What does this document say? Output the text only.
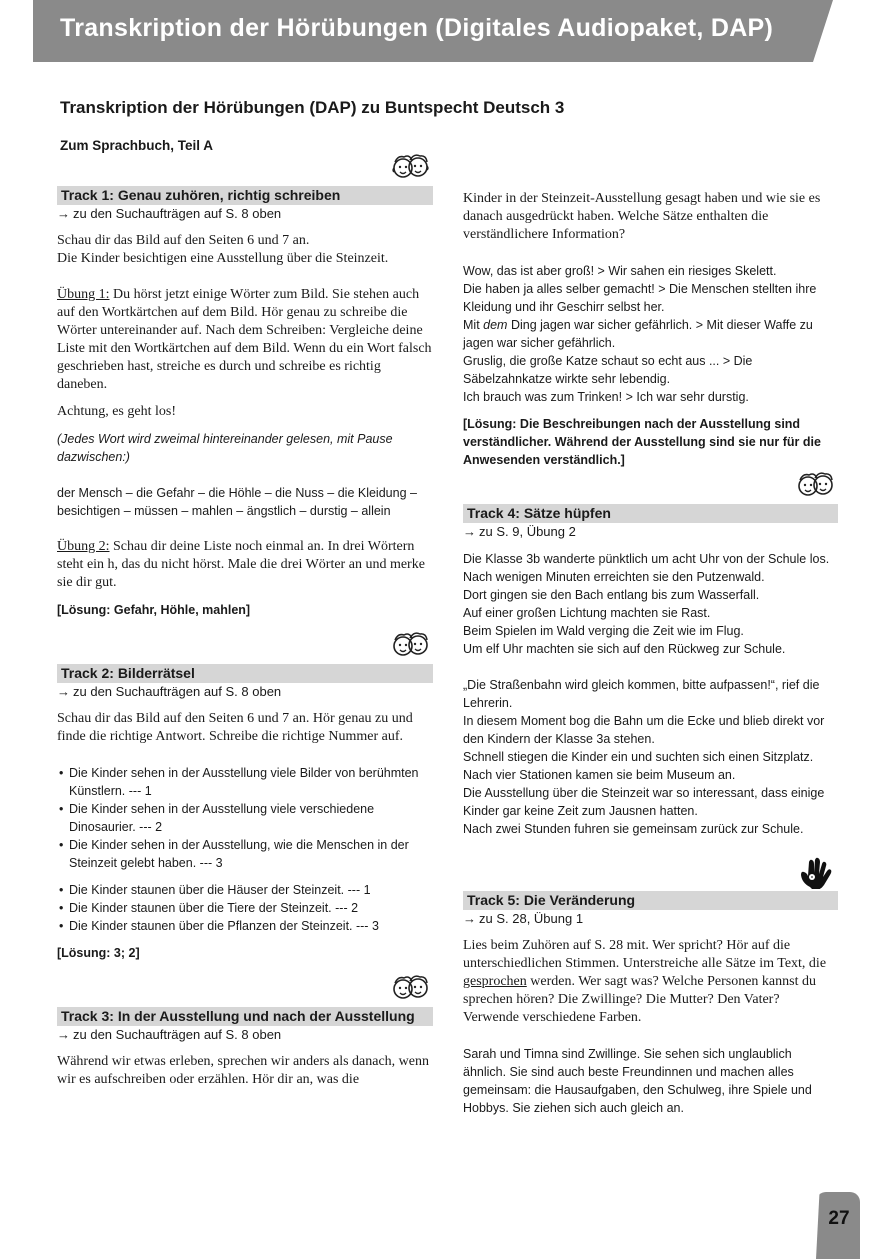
Transkription der Hörübungen (Digitales Audiopaket, DAP)
Transkription der Hörübungen (DAP) zu Buntspecht Deutsch 3
Zum Sprachbuch, Teil A
Track 1: Genau zuhören, richtig schreiben

→ zu den Suchaufträgen auf S. 8 oben

Schau dir das Bild auf den Seiten 6 und 7 an.
Die Kinder besichtigen eine Ausstellung über die Steinzeit.

Übung 1: Du hörst jetzt einige Wörter zum Bild. Sie stehen auch auf den Wortkärtchen auf dem Bild. Hör genau zu schreibe die Wörter untereinander auf. Nach dem Schreiben: Vergleiche deine Liste mit den Wortkärtchen auf dem Bild. Wenn du ein Wort falsch geschrieben hast, streiche es durch und schreibe es richtig daneben.

Achtung, es geht los!

(Jedes Wort wird zweimal hintereinander gelesen, mit Pause dazwischen:)

der Mensch – die Gefahr – die Höhle – die Nuss – die Kleidung – besichtigen – müssen – mahlen – ängstlich – durstig – allein

Übung 2: Schau dir deine Liste noch einmal an. In drei Wörtern steht ein h, das du nicht hörst. Male die drei Wörter an und merke sie dir gut.

[Lösung: Gefahr, Höhle, mahlen]

Track 2: Bilderrätsel

→ zu den Suchaufträgen auf S. 8 oben

Schau dir das Bild auf den Seiten 6 und 7 an. Hör genau zu und finde die richtige Antwort. Schreibe die richtige Nummer auf.

• Die Kinder sehen in der Ausstellung viele Bilder von berühmten Künstlern. --- 1
• Die Kinder sehen in der Ausstellung viele verschiedene Dinosaurier. --- 2
• Die Kinder sehen in der Ausstellung, wie die Menschen in der Steinzeit gelebt haben. --- 3
• Die Kinder staunen über die Häuser der Steinzeit. --- 1
• Die Kinder staunen über die Tiere der Steinzeit. --- 2
• Die Kinder staunen über die Pflanzen der Steinzeit. --- 3

[Lösung: 3; 2]

Track 3: In der Ausstellung und nach der Ausstellung

→ zu den Suchaufträgen auf S. 8 oben

Während wir etwas erleben, sprechen wir anders als danach, wenn wir es aufschreiben oder erzählen. Hör dir an, was die

Kinder in der Steinzeit-Ausstellung gesagt haben und wie sie es danach ausgedrückt haben. Welche Sätze enthalten die verständlichere Information?

Wow, das ist aber groß! > Wir sahen ein riesiges Skelett.
Die haben ja alles selber gemacht! > Die Menschen stellten ihre Kleidung und ihr Geschirr selbst her.
Mit dem Ding jagen war sicher gefährlich. > Mit dieser Waffe zu jagen war sicher gefährlich.
Gruslig, die große Katze schaut so echt aus ... > Die Säbelzahnkatze wirkte sehr lebendig.
Ich brauch was zum Trinken! > Ich war sehr durstig.

[Lösung: Die Beschreibungen nach der Ausstellung sind verständlicher. Während der Ausstellung sind sie nur für die Anwesenden verständlich.]

Track 4: Sätze hüpfen

→ zu S. 9, Übung 2

Die Klasse 3b wanderte pünktlich um acht Uhr von der Schule los.
Nach wenigen Minuten erreichten sie den Putzenwald.
Dort gingen sie den Bach entlang bis zum Wasserfall.
Auf einer großen Lichtung machten sie Rast.
Beim Spielen im Wald verging die Zeit wie im Flug.
Um elf Uhr machten sie sich auf den Rückweg zur Schule.

„Die Straßenbahn wird gleich kommen, bitte aufpassen!“, rief die Lehrerin.
In diesem Moment bog die Bahn um die Ecke und blieb direkt vor den Kindern der Klasse 3a stehen.
Schnell stiegen die Kinder ein und suchten sich einen Sitzplatz.
Nach vier Stationen kamen sie beim Museum an.
Die Ausstellung über die Steinzeit war so interessant, dass einige Kinder gar keine Zeit zum Jausnen hatten.
Nach zwei Stunden fuhren sie gemeinsam zurück zur Schule.

Track 5: Die Veränderung

→ zu S. 28, Übung 1

Lies beim Zuhören auf S. 28 mit. Wer spricht? Hör auf die unterschiedlichen Stimmen. Unterstreiche alle Sätze im Text, die gesprochen werden. Wer sagt was? Welche Personen kannst du sprechen hören? Die Zwillinge? Die Mutter? Den Vater? Verwende verschiedene Farben.

Sarah und Timna sind Zwillinge. Sie sehen sich unglaublich ähnlich. Sie sind auch beste Freundinnen und machen alles gemeinsam: die Hausaufgaben, den Schulweg, ihre Spiele und Hobbys. Sie ziehen sich auch gleich an.

27
